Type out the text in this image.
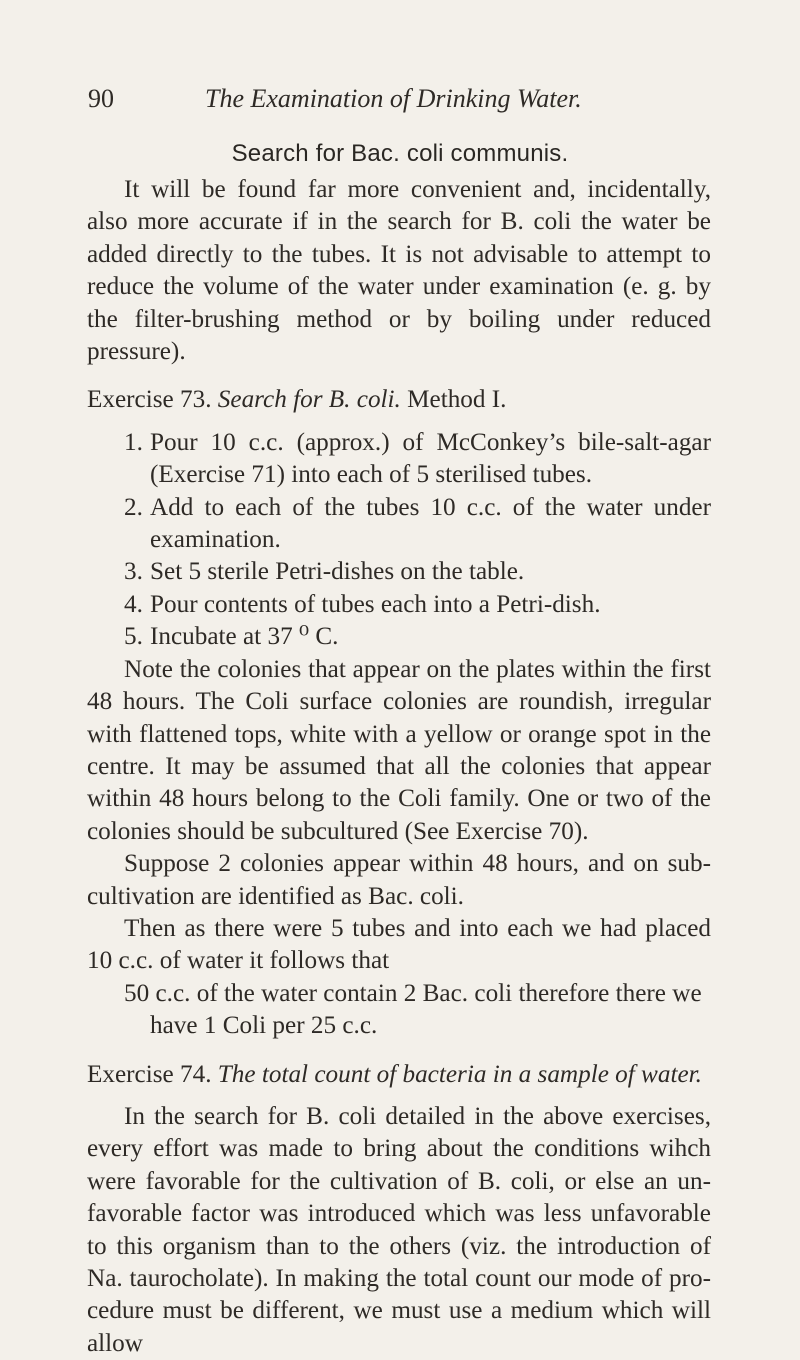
90	The Examination of Drinking Water.
Search for Bac. coli communis.

It will be found far more convenient and, incidentally, also more accurate if in the search for B. coli the water be added directly to the tubes. It is not advisable to attempt to reduce the volume of the water under examination (e. g. by the filter-brushing method or by boiling under reduced pressure).

Exercise 73. Search for B. coli. Method I.

1. Pour 10 c.c. (approx.) of McConkey’s bile-salt-agar (Exercise 71) into each of 5 sterilised tubes.
2. Add to each of the tubes 10 c.c. of the water under examination.
3. Set 5 sterile Petri-dishes on the table.
4. Pour contents of tubes each into a Petri-dish.
5. Incubate at 37 ⁰ C.

Note the colonies that appear on the plates within the first 48 hours. The Coli surface colonies are roundish, irregular with flattened tops, white with a yellow or orange spot in the centre. It may be assumed that all the colonies that appear within 48 hours belong to the Coli family. One or two of the colonies should be subcultured (See Exercise 70).

Suppose 2 colonies appear within 48 hours, and on sub-cultivation are identified as Bac. coli.

Then as there were 5 tubes and into each we had placed 10 c.c. of water it follows that

50 c.c. of the water contain 2 Bac. coli therefore there we have 1 Coli per 25 c.c.

Exercise 74. The total count of bacteria in a sample of water.

In the search for B. coli detailed in the above exercises, every effort was made to bring about the conditions wihch were favorable for the cultivation of B. coli, or else an un-favorable factor was introduced which was less unfavorable to this organism than to the others (viz. the introduction of Na. taurocholate). In making the total count our mode of pro-cedure must be different, we must use a medium which will allow
